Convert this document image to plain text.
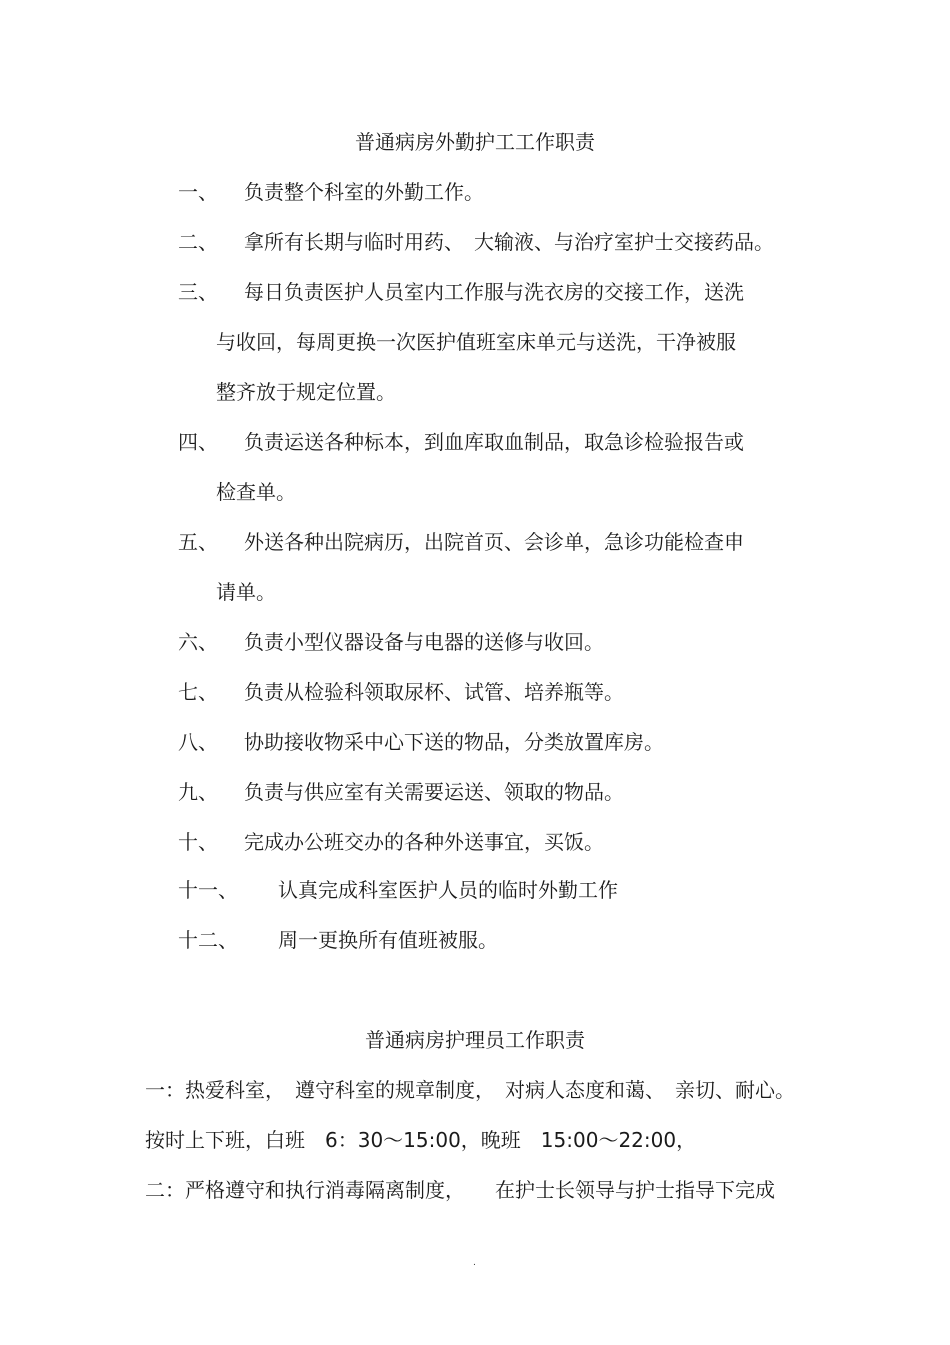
普通病房外勤护工工作职责
一、 负责整个科室的外勤工作。
二、 拿所有长期与临时用药、　大输液、与治疗室护士交接药品。
三、 每日负责医护人员室内工作服与洗衣房的交接工作，送洗
与收回，每周更换一次医护值班室床单元与送洗，干净被服
整齐放于规定位置。
四、 负责运送各种标本，到血库取血制品，取急诊检验报告或
检查单。
五、 外送各种出院病历，出院首页、会诊单，急诊功能检查申
请单。
六、 负责小型仪器设备与电器的送修与收回。
七、 负责从检验科领取尿杯、试管、培养瓶等。
八、 协助接收物采中心下送的物品，分类放置库房。
九、 负责与供应室有关需要运送、领取的物品。
十、 完成办公班交办的各种外送事宜，买饭。
十一、 认真完成科室医护人员的临时外勤工作
十二、 周一更换所有值班被服。
普通病房护理员工作职责
一：热爱科室，　遵守科室的规章制度，　对病人态度和蔼、　亲切、耐心。
按时上下班，白班　6：30～15:00，晚班　15:00～22:00，
二：严格遵守和执行消毒隔离制度，　　在护士长领导与护士指导下完成
.
